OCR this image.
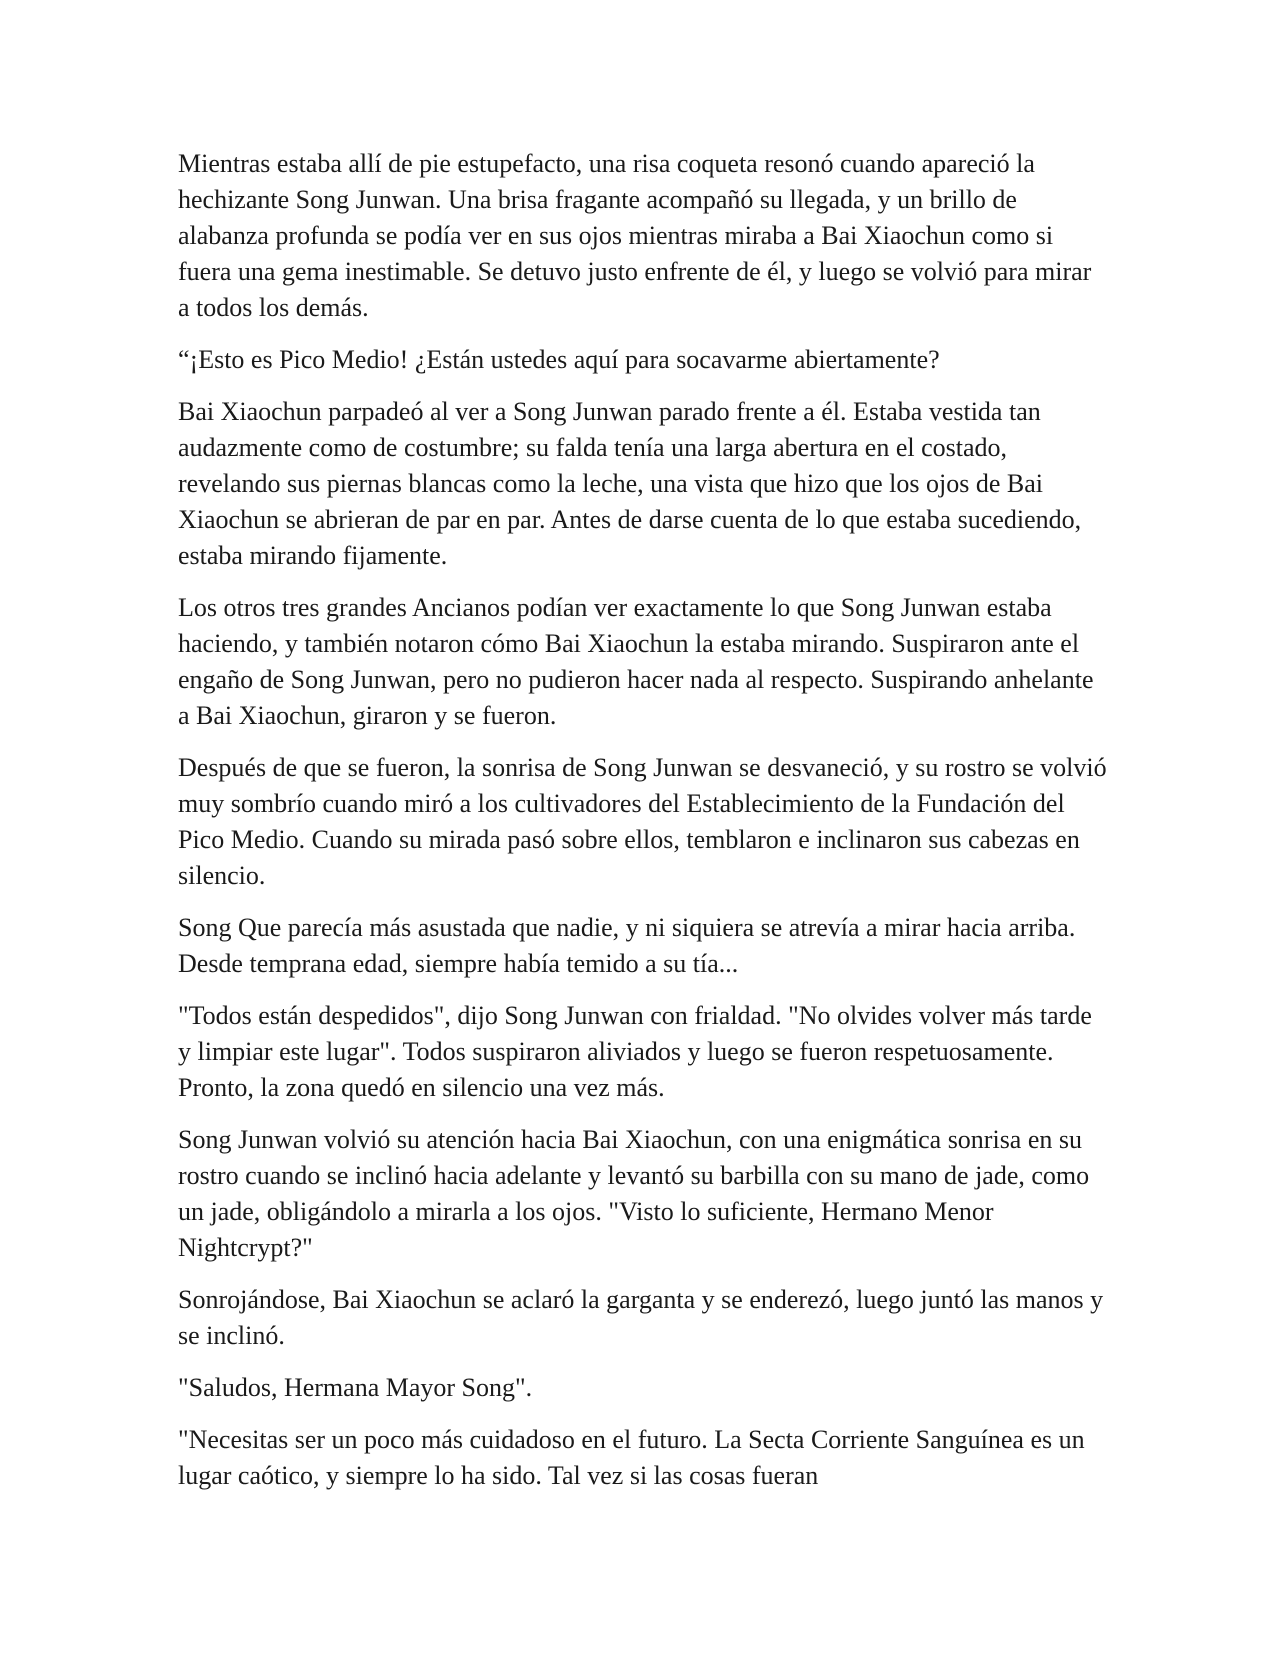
Mientras estaba allí de pie estupefacto, una risa coqueta resonó cuando apareció la hechizante Song Junwan. Una brisa fragante acompañó su llegada, y un brillo de alabanza profunda se podía ver en sus ojos mientras miraba a Bai Xiaochun como si fuera una gema inestimable. Se detuvo justo enfrente de él, y luego se volvió para mirar a todos los demás.

“¡Esto es Pico Medio! ¿Están ustedes aquí para socavarme abiertamente?

Bai Xiaochun parpadeó al ver a Song Junwan parado frente a él. Estaba vestida tan audazmente como de costumbre; su falda tenía una larga abertura en el costado, revelando sus piernas blancas como la leche, una vista que hizo que los ojos de Bai Xiaochun se abrieran de par en par. Antes de darse cuenta de lo que estaba sucediendo, estaba mirando fijamente.

Los otros tres grandes Ancianos podían ver exactamente lo que Song Junwan estaba haciendo, y también notaron cómo Bai Xiaochun la estaba mirando. Suspiraron ante el engaño de Song Junwan, pero no pudieron hacer nada al respecto. Suspirando anhelante a Bai Xiaochun, giraron y se fueron.

Después de que se fueron, la sonrisa de Song Junwan se desvaneció, y su rostro se volvió muy sombrío cuando miró a los cultivadores del Establecimiento de la Fundación del Pico Medio. Cuando su mirada pasó sobre ellos, temblaron e inclinaron sus cabezas en silencio.

Song Que parecía más asustada que nadie, y ni siquiera se atrevía a mirar hacia arriba. Desde temprana edad, siempre había temido a su tía...

"Todos están despedidos", dijo Song Junwan con frialdad. "No olvides volver más tarde y limpiar este lugar". Todos suspiraron aliviados y luego se fueron respetuosamente. Pronto, la zona quedó en silencio una vez más.

Song Junwan volvió su atención hacia Bai Xiaochun, con una enigmática sonrisa en su rostro cuando se inclinó hacia adelante y levantó su barbilla con su mano de jade, como un jade, obligándolo a mirarla a los ojos. "Visto lo suficiente, Hermano Menor Nightcrypt?"

Sonrojándose, Bai Xiaochun se aclaró la garganta y se enderezó, luego juntó las manos y se inclinó.

"Saludos, Hermana Mayor Song".

"Necesitas ser un poco más cuidadoso en el futuro. La Secta Corriente Sanguínea es un lugar caótico, y siempre lo ha sido. Tal vez si las cosas fueran
